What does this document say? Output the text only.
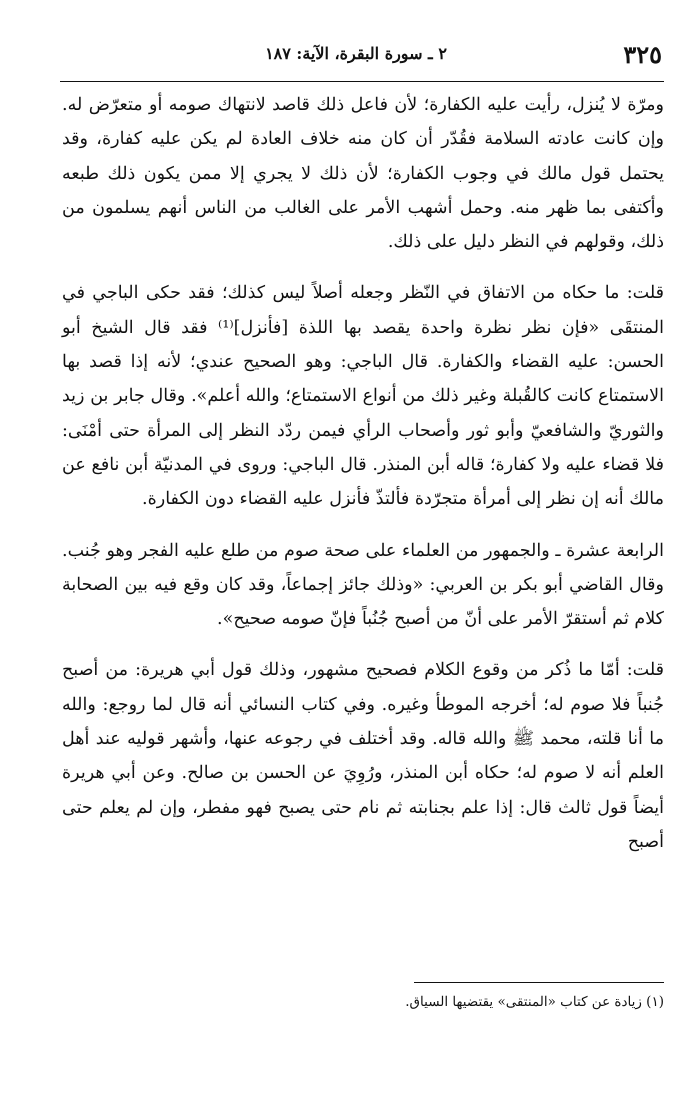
٣٢٥
٢ ـ سورة البقرة، الآية: ١٨٧

ومرّة لا يُنزل، رأيت عليه الكفارة؛ لأن فاعل ذلك قاصد لانتهاك صومه أو متعرّض له. وإن كانت عادته السلامة فقُدّر أن كان منه خلاف العادة لم يكن عليه كفارة، وقد يحتمل قول مالك في وجوب الكفارة؛ لأن ذلك لا يجري إلا ممن يكون ذلك طبعه وأكتفى بما ظهر منه. وحمل أشهب الأمر على الغالب من الناس أنهم يسلمون من ذلك، وقولهم في النظر دليل على ذلك.

قلت: ما حكاه من الاتفاق في النّظر وجعله أصلاً ليس كذلك؛ فقد حكى الباجي في المنتقَى «فإن نظر نظرة واحدة يقصد بها اللذة [فأنزل]⁽¹⁾ فقد قال الشيخ أبو الحسن: عليه القضاء والكفارة. قال الباجي: وهو الصحيح عندي؛ لأنه إذا قصد بها الاستمتاع كانت كالقُبلة وغير ذلك من أنواع الاستمتاع؛ والله أعلم». وقال جابر بن زيد والثوريّ والشافعيّ وأبو ثور وأصحاب الرأي فيمن ردّد النظر إلى المرأة حتى أمْنَى: فلا قضاء عليه ولا كفارة؛ قاله أبن المنذر. قال الباجي: وروى في المدنيّة أبن نافع عن مالك أنه إن نظر إلى أمرأة متجرّدة فألتذّ فأنزل عليه القضاء دون الكفارة.

الرابعة عشرة ـ والجمهور من العلماء على صحة صوم من طلع عليه الفجر وهو جُنب. وقال القاضي أبو بكر بن العربي: «وذلك جائز إجماعاً، وقد كان وقع فيه بين الصحابة كلام ثم أستقرّ الأمر على أنّ من أصبح جُنُباً فإنّ صومه صحيح».

قلت: أمّا ما ذُكر من وقوع الكلام فصحيح مشهور، وذلك قول أبي هريرة: من أصبح جُنباً فلا صوم له؛ أخرجه الموطأ وغيره. وفي كتاب النسائي أنه قال لما روجع: والله ما أنا قلته، محمد ﷺ والله قاله. وقد أختلف في رجوعه عنها، وأشهر قوليه عند أهل العلم أنه لا صوم له؛ حكاه أبن المنذر، ورُوِيَ عن الحسن بن صالح. وعن أبي هريرة أيضاً قول ثالث قال: إذا علم بجنابته ثم نام حتى يصبح فهو مفطر، وإن لم يعلم حتى أصبح

(١) زيادة عن كتاب «المنتقى» يقتضيها السياق.
